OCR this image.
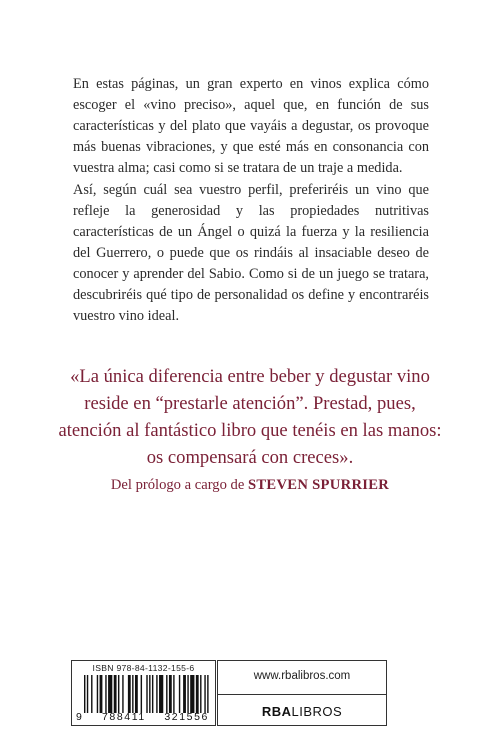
En estas páginas, un gran experto en vinos explica cómo escoger el «vino preciso», aquel que, en función de sus características y del plato que vayáis a degustar, os provoque más buenas vibraciones, y que esté más en consonancia con vuestra alma; casi como si se tratara de un traje a medida.

Así, según cuál sea vuestro perfil, preferiréis un vino que refleje la generosidad y las propiedades nutritivas características de un Ángel o quizá la fuerza y la resiliencia del Guerrero, o puede que os rindáis al insaciable deseo de conocer y aprender del Sabio. Como si de un juego se tratara, descubriréis qué tipo de personalidad os define y encontraréis vuestro vino ideal.

«La única diferencia entre beber y degustar vino reside en “prestarle atención”. Prestad, pues, atención al fantástico libro que tenéis en las manos: os compensará con creces».

Del prólogo a cargo de STEVEN SPURRIER

ISBN 978-84-1132-155-6
9 788411 321556
www.rbalibros.com
RBALIBROS
